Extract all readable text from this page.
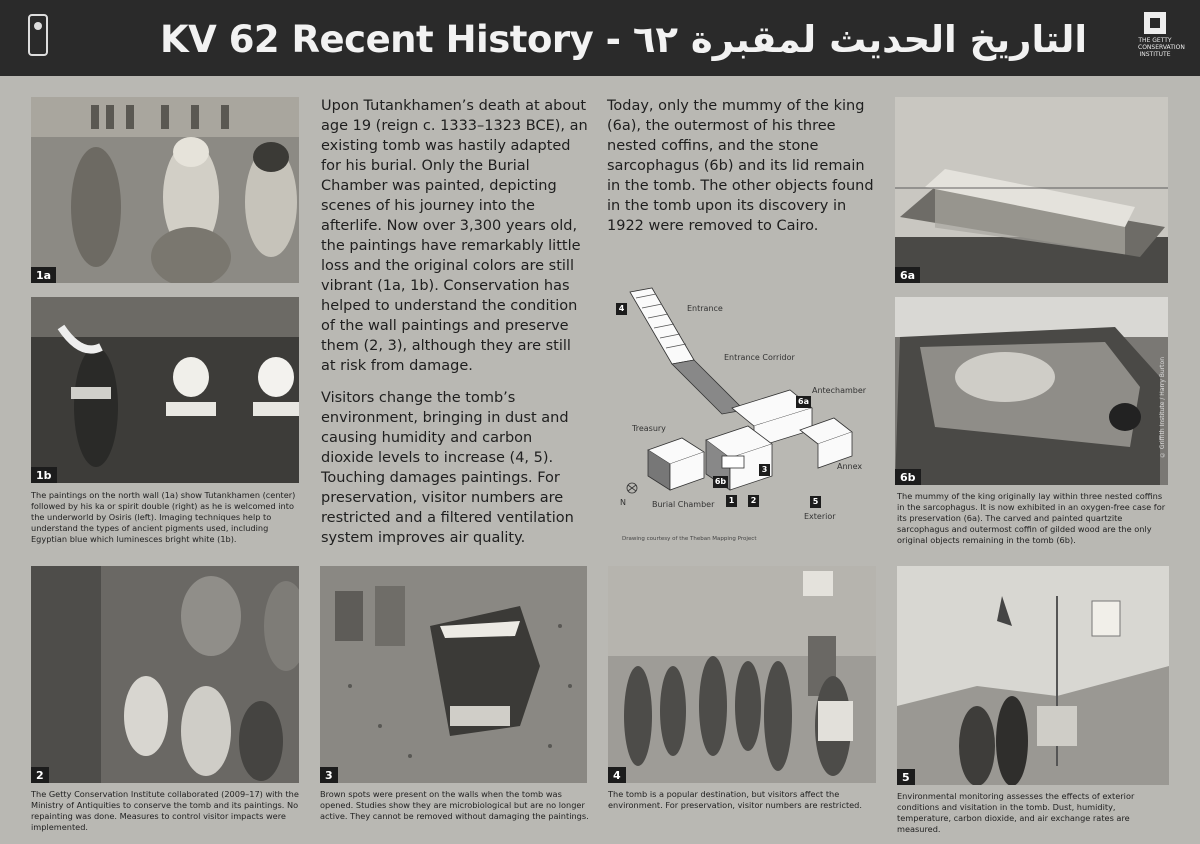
KV 62 Recent History - التاريخ الحديث لمقبرة ٦٢	THE GETTY CONSERVATION INSTITUTE
1a
1b
The paintings on the north wall (1a) show Tutankhamen (center) followed by his ka or spirit double (right) as he is welcomed into the underworld by Osiris (left). Imaging techniques help to understand the types of ancient pigments used, including Egyptian blue which luminesces bright white (1b).

Upon Tutankhamen’s death at about age 19 (reign c. 1333–1323 BCE), an existing tomb was hastily adapted for his burial. Only the Burial Chamber was painted, depicting scenes of his journey into the afterlife. Now over 3,300 years old, the paintings have remarkably little loss and the original colors are still vibrant (1a, 1b). Conservation has helped to understand the condition of the wall paintings and preserve them (2, 3), although they are still at risk from damage.

Visitors change the tomb’s environment, bringing in dust and causing humidity and carbon dioxide levels to increase (4, 5). Touching damages paintings. For preservation, visitor numbers are restricted and a filtered ventilation system improves air quality.

Today, only the mummy of the king (6a), the outermost of his three nested coffins, and the stone sarcophagus (6b) and its lid remain in the tomb. The other objects found in the tomb upon its discovery in 1922 were removed to Cairo.

4	Entrance
Entrance Corridor
Antechamber
6a
Treasury
Annex
3
6b
1	2	5
N	Burial Chamber
Exterior
Drawing courtesy of the Theban Mapping Project
6a
6b
© Griffith Institute / Harry Burton
The mummy of the king originally lay within three nested coffins in the sarcophagus. It is now exhibited in an oxygen-free case for its preservation (6a). The carved and painted quartzite sarcophagus and outermost coffin of gilded wood are the only original objects remaining in the tomb (6b).
2
The Getty Conservation Institute collaborated (2009–17) with the Ministry of Antiquities to conserve the tomb and its paintings. No repainting was done. Measures to control visitor impacts were implemented.
3
Brown spots were present on the walls when the tomb was opened. Studies show they are microbiological but are no longer active. They cannot be removed without damaging the paintings.
4
The tomb is a popular destination, but visitors affect the environment. For preservation, visitor numbers are restricted.
5
Environmental monitoring assesses the effects of exterior conditions and visitation in the tomb. Dust, humidity, temperature, carbon dioxide, and air exchange rates are measured.
